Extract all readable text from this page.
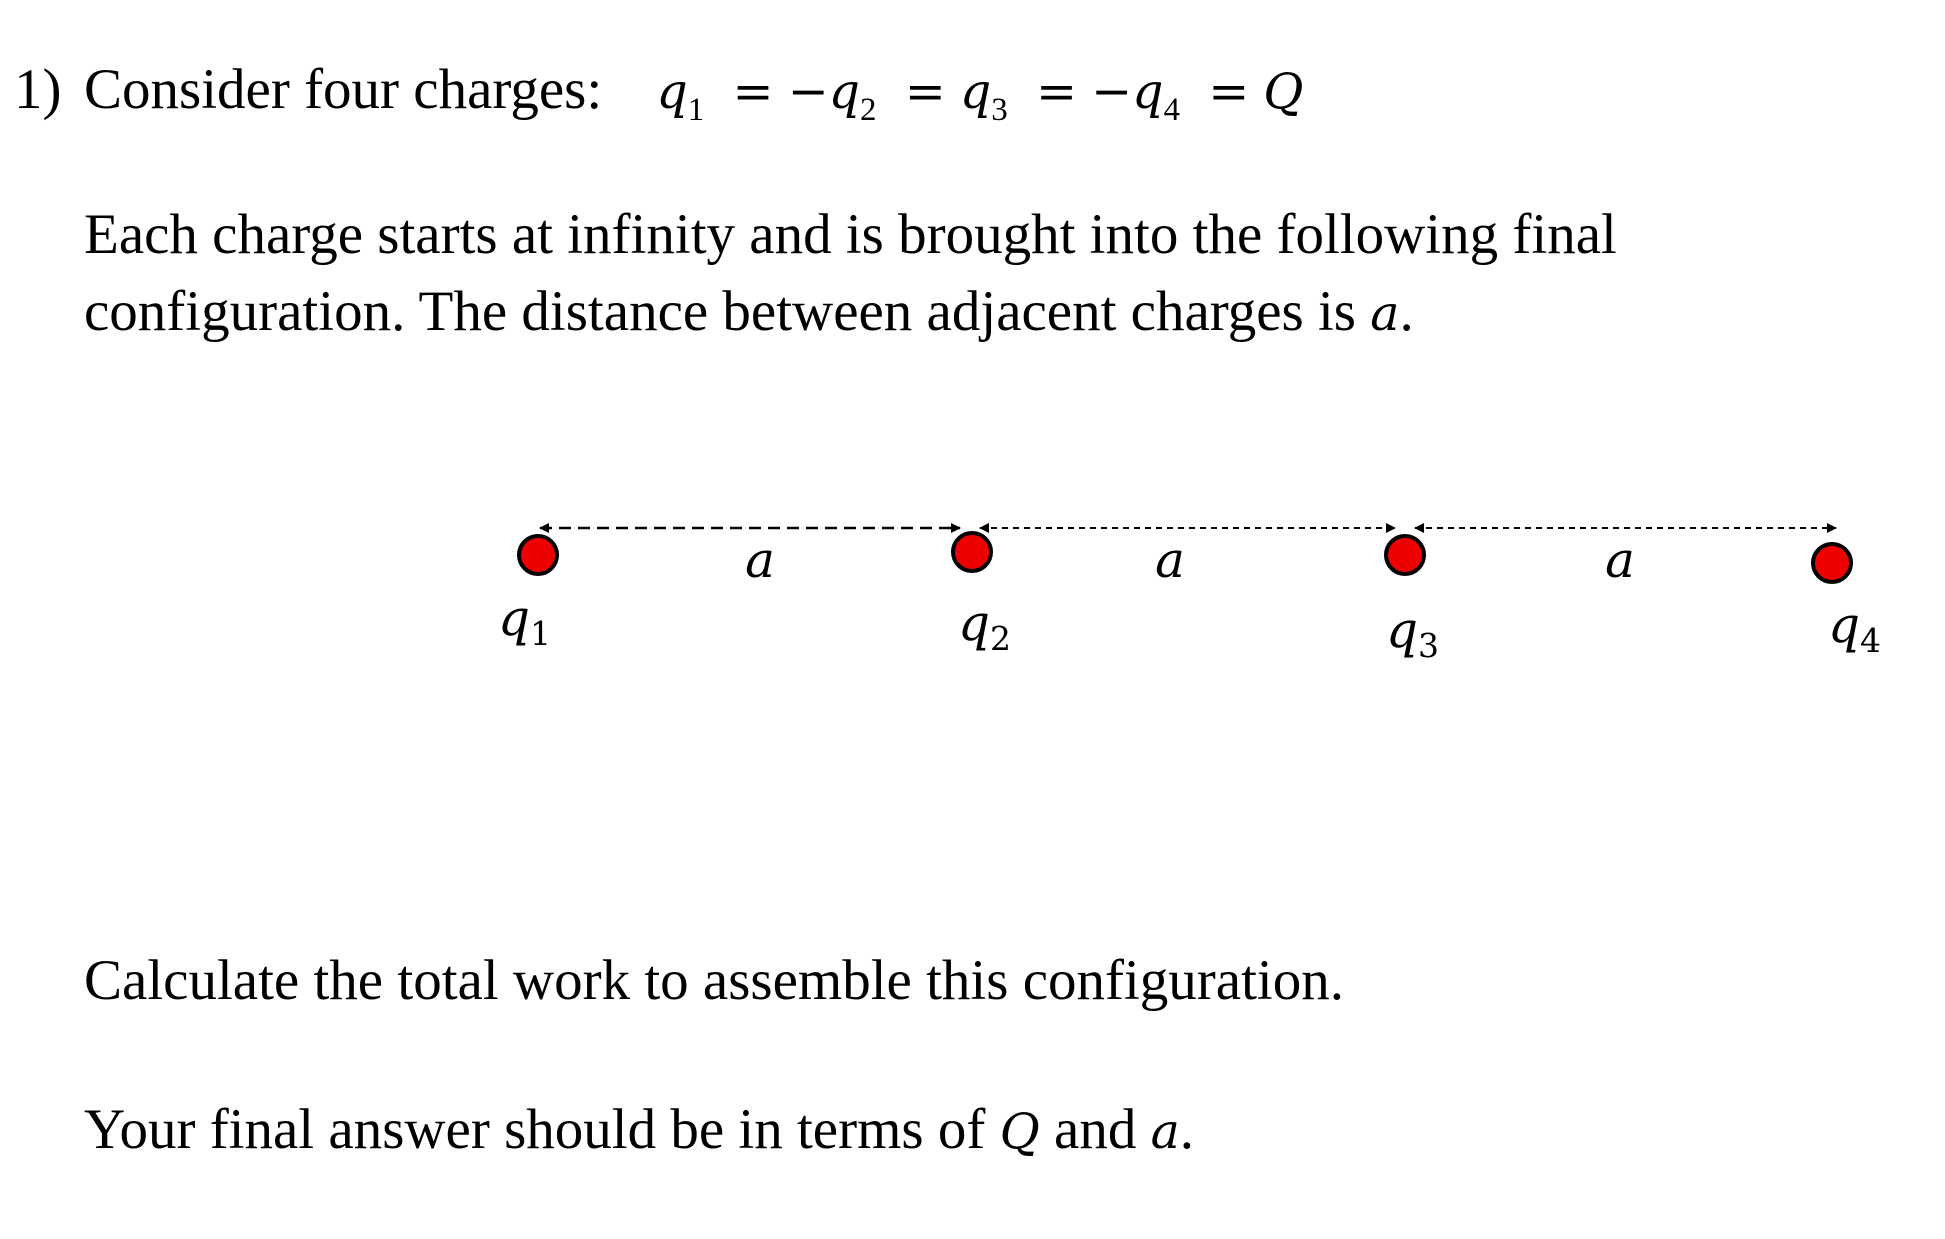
1) Consider four charges: $q_1 = -q_2 = q_3 = -q_4 = Q$
Each charge starts at infinity and is brought into the following final
configuration. The distance between adjacent charges is a.
a	a	a
$q_1$	$q_2$	$q_3$	$q_4$
Calculate the total work to assemble this configuration.
Your final answer should be in terms of Q and a.
